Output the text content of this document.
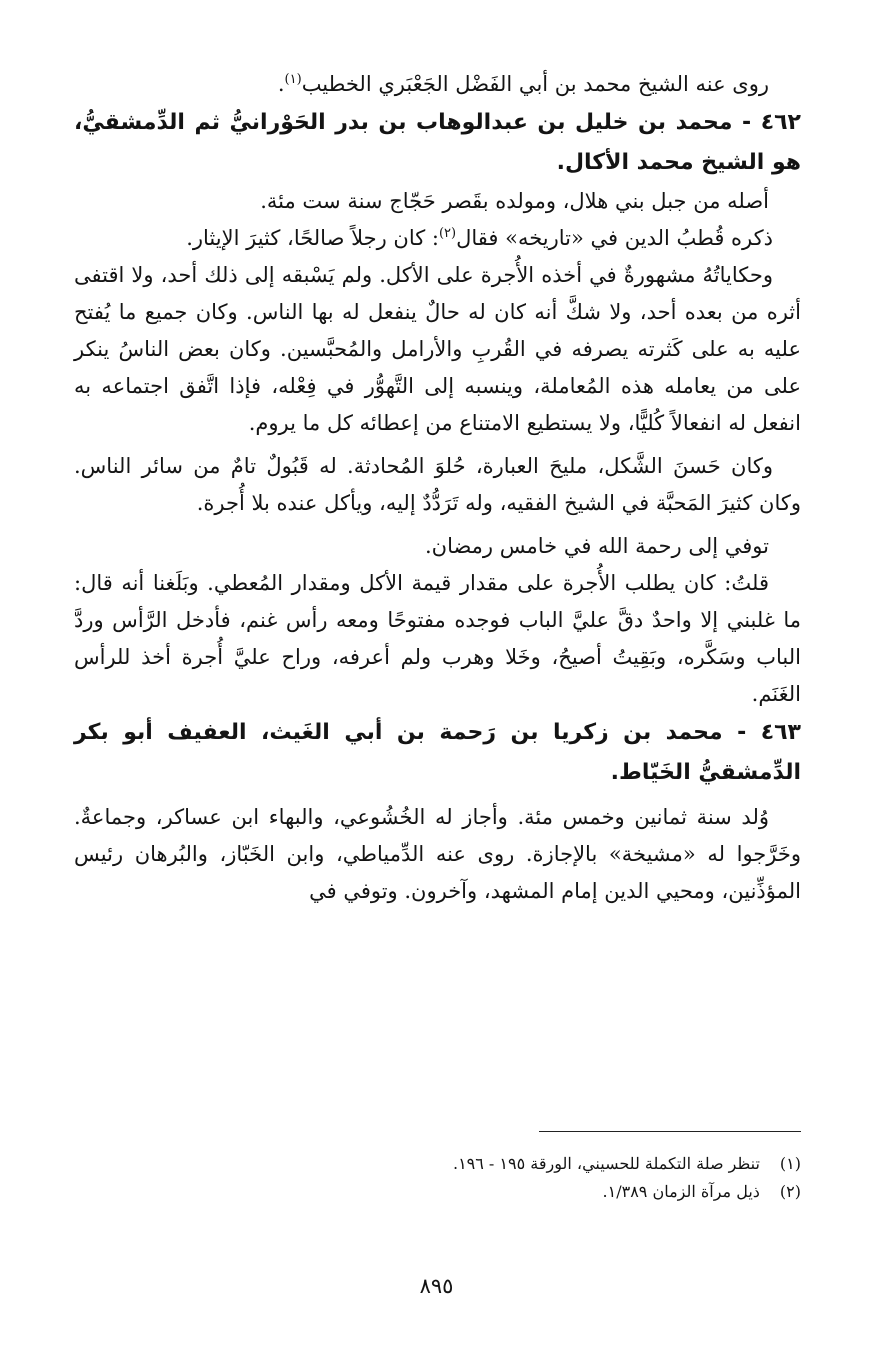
روى عنه الشيخ محمد بن أبي الفَضْل الجَعْبَري الخطيب$^{(١)}$.

٤٦٢ - محمد بن خليل بن عبدالوهاب بن بدر الحَوْرانيُّ ثم الدِّمشقيُّ، هو الشيخ محمد الأكال.

أصله من جبل بني هلال، ومولده بقَصر حَجّاج سنة ست مئة.

ذكره قُطبُ الدين في «تاريخه» فقال$^{(٢)}$: كان رجلاً صالحًا، كثيرَ الإيثار.

وحكاياتُهُ مشهورةٌ في أخذه الأُجرة على الأكل. ولم يَسْبقه إلى ذلك أحد، ولا اقتفى أثره من بعده أحد، ولا شكَّ أنه كان له حالٌ ينفعل له بها الناس. وكان جميع ما يُفتح عليه به على كَثرته يصرفه في القُربِ والأرامل والمُحبَّسين. وكان بعض الناسُ ينكر على من يعامله هذه المُعاملة، وينسبه إلى التَّهوُّر في فِعْله، فإذا اتَّفق اجتماعه به انفعل له انفعالاً كُليًّا، ولا يستطيع الامتناع من إعطائه كل ما يروم.

وكان حَسنَ الشَّكل، مليحَ العبارة، حُلوَ المُحادثة. له قَبُولٌ تامٌ من سائر الناس. وكان كثيرَ المَحبَّة في الشيخ الفقيه، وله تَرَدُّدٌ إليه، ويأكل عنده بلا أُجرة.

توفي إلى رحمة الله في خامس رمضان.

قلتُ: كان يطلب الأُجرة على مقدار قيمة الأكل ومقدار المُعطي. وبَلَغنا أنه قال: ما غلبني إلا واحدٌ دقَّ عليَّ الباب فوجده مفتوحًا ومعه رأس غنم، فأدخل الرَّأس وردَّ الباب وسَكَّره، وبَقِيتُ أصيحُ، وخَلا وهرب ولم أعرفه، وراح عليَّ أُجرة أخذ للرأس الغَنَم.

٤٦٣ - محمد بن زكريا بن رَحمة بن أبي الغَيث، العفيف أبو بكر الدِّمشقيُّ الخَيّاط.

وُلد سنة ثمانين وخمس مئة. وأجاز له الخُشُوعي، والبهاء ابن عساكر، وجماعةٌ. وخَرَّجوا له «مشيخة» بالإجازة. روى عنه الدِّمياطي، وابن الخَبّاز، والبُرهان رئيس المؤذِّنين، ومحيي الدين إمام المشهد، وآخرون. وتوفي في

(١)
تنظر صلة التكملة للحسيني، الورقة ١٩٥ - ١٩٦.
(٢)
ذيل مرآة الزمان ١/٣٨٩.
٨٩٥
